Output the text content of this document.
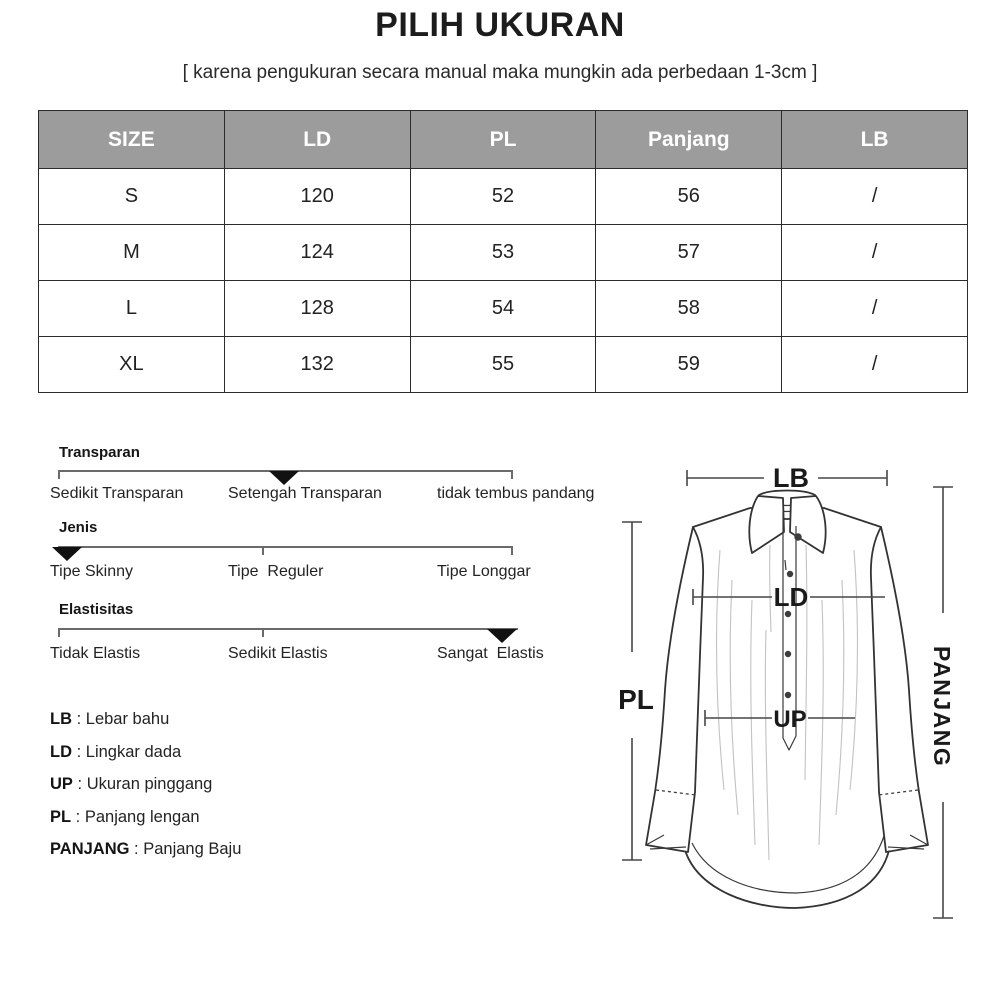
PILIH UKURAN
[ karena pengukuran secara manual maka mungkin ada perbedaan 1-3cm ]
SIZE	LD	PL	Panjang	LB
S	120	52	56	/
M	124	53	57	/
L	128	54	58	/
XL	132	55	59	/
Transparan
Sedikit Transparan	Setengah Transparan	tidak tembus pandang
Jenis
Tipe Skinny	Tipe  Reguler	Tipe Longgar
Elastisitas
Tidak Elastis	Sedikit Elastis	Sangat  Elastis
LB : Lebar bahu
LD : Lingkar dada
UP : Ukuran pinggang
PL : Panjang lengan
PANJANG : Panjang Baju
LB
LD
UP
PL	PANJANG
